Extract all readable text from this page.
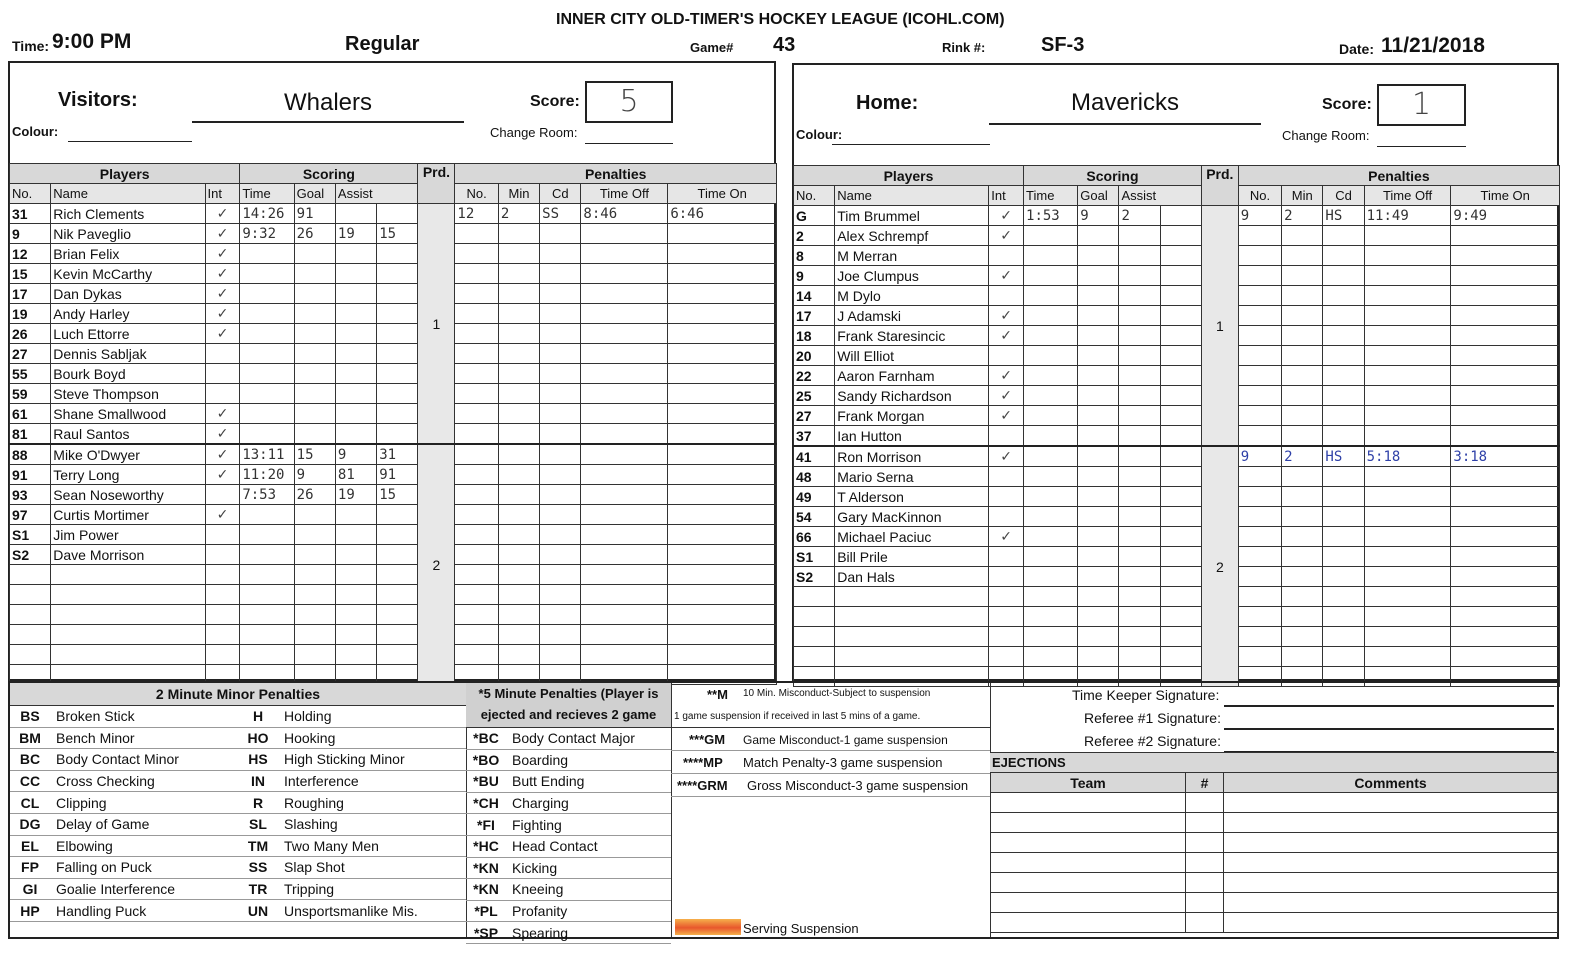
INNER CITY OLD-TIMER'S HOCKEY LEAGUE (ICOHL.COM)
Time: 9:00 PM	Regular	Game# 43	Rink #:	SF-3	Date: 11/21/2018
Visitors:	Whalers	Score:	5
Colour:	Change Room:
Players			Scoring				Prd.	Penalties				
No.	Name	Int	Time	Goal	Assist			No.	Min	Cd	Time Off	Time On
31	Rich Clements	✓	14:26	91			1	12	2	SS	8:46	6:46
9	Nik Paveglio	✓	9:32	26	19	15						
12	Brian Felix	✓										
15	Kevin McCarthy	✓										
17	Dan Dykas	✓										
19	Andy Harley	✓										
26	Luch Ettorre	✓										
27	Dennis Sabljak											
55	Bourk Boyd											
59	Steve Thompson											
61	Shane Smallwood	✓										
81	Raul Santos	✓										
88	Mike O'Dwyer	✓	13:11	15	9	31	2					
91	Terry Long	✓	11:20	9	81	91						
93	Sean Noseworthy		7:53	26	19	15						
97	Curtis Mortimer	✓										
S1	Jim Power											
S2	Dave Morrison											

Home:	Mavericks	Score:	1
Colour:	Change Room:
Players			Scoring				Prd.	Penalties				
No.	Name	Int	Time	Goal	Assist			No.	Min	Cd	Time Off	Time On
G	Tim Brummel	✓	1:53	9	2		1	9	2	HS	11:49	9:49
2	Alex Schrempf	✓										
8	M Merran											
9	Joe Clumpus	✓										
14	M Dylo											
17	J Adamski	✓										
18	Frank Staresincic	✓										
20	Will Elliot											
22	Aaron Farnham	✓										
25	Sandy Richardson	✓										
27	Frank Morgan	✓										
37	Ian Hutton											
41	Ron Morrison	✓					2	9	2	HS	5:18	3:18
48	Mario Serna											
49	T Alderson											
54	Gary MacKinnon											
66	Michael Paciuc	✓										
S1	Bill Prile											
S2	Dan Hals											

2 Minute Minor Penalties
BS	Broken Stick
BM	Bench Minor
BC	Body Contact Minor
CC	Cross Checking
CL	Clipping
DG	Delay of Game
EL	Elbowing
FP	Falling on Puck
GI	Goalie Interference
HP	Handling Puck
H	Holding
HO	Hooking
HS	High Sticking Minor
IN	Interference
R	Roughing
SL	Slashing
TM	Two Many Men
SS	Slap Shot
TR	Tripping
UN	Unsportsmanlike Mis.
*5 Minute Penalties (Player is
ejected and recieves 2 game
*BC Body Contact Major
*BO Boarding
*BU Butt Ending
*CH Charging
*FI	Fighting
*HC Head Contact
*KN Kicking
*KN Kneeing
*PL	Profanity
*SP Spearing
**M 10 Min. Misconduct-Subject to suspension
1 game suspension if received in last 5 mins of a game.
***GM Game Misconduct-1 game suspension
****MP Match Penalty-3 game suspension
****GRM Gross Misconduct-3 game suspension
Serving Suspension
Time Keeper Signature:
Referee #1 Signature:
Referee #2 Signature:
EJECTIONS
Team	#	Comments
